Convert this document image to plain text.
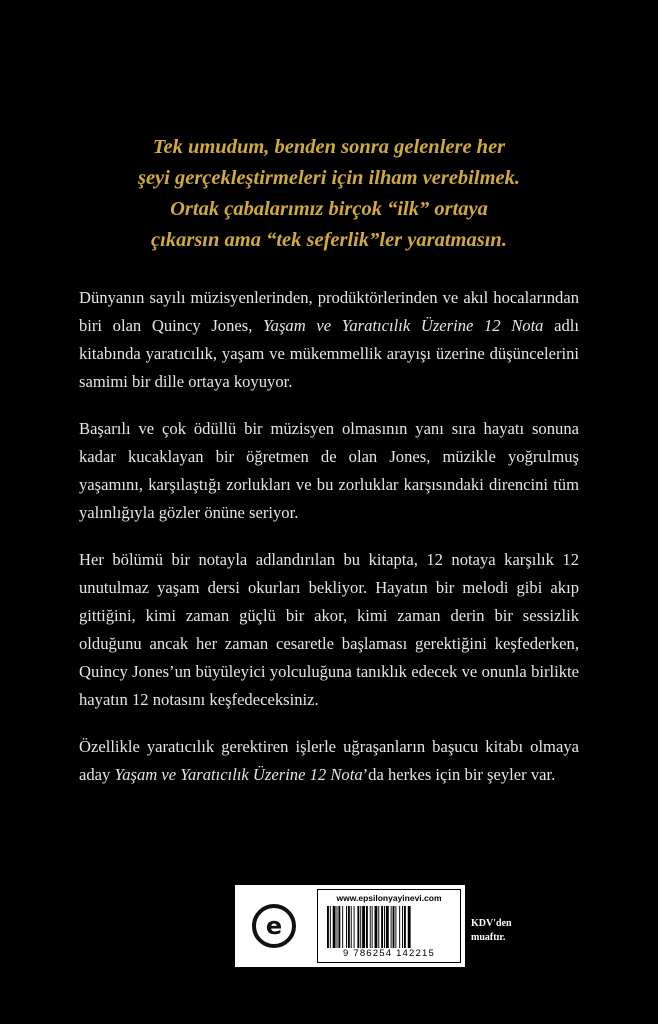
Tek umudum, benden sonra gelenlere her
şeyi gerçekleştirmeleri için ilham verebilmek.
Ortak çabalarımız birçok “ilk” ortaya
çıkarsın ama “tek seferlik”ler yaratmasın.

Dünyanın sayılı müzisyenlerinden, prodüktörlerinden ve akıl hocalarından biri olan Quincy Jones, Yaşam ve Yaratıcılık Üzerine 12 Nota adlı kitabında yaratıcılık, yaşam ve mükemmellik arayışı üzerine düşüncelerini samimi bir dille ortaya koyuyor.

Başarılı ve çok ödüllü bir müzisyen olmasının yanı sıra hayatı sonuna kadar kucaklayan bir öğretmen de olan Jones, müzikle yoğrulmuş yaşamını, karşılaştığı zorlukları ve bu zorluklar karşısındaki direncini tüm yalınlığıyla gözler önüne seriyor.

Her bölümü bir notayla adlandırılan bu kitapta, 12 notaya karşılık 12 unutulmaz yaşam dersi okurları bekliyor. Hayatın bir melodi gibi akıp gittiğini, kimi zaman güçlü bir akor, kimi zaman derin bir sessizlik olduğunu ancak her zaman cesaretle başlaması gerektiğini keşfederken, Quincy Jones’un büyüleyici yolculuğuna tanıklık edecek ve onunla birlikte hayatın 12 notasını keşfedeceksiniz.

Özellikle yaratıcılık gerektiren işlerle uğraşanların başucu kitabı olmaya aday Yaşam ve Yaratıcılık Üzerine 12 Nota’da herkes için bir şeyler var.

e
www.epsilonyayinevi.com
9 786254 142215
KDV'den
muaftır.
